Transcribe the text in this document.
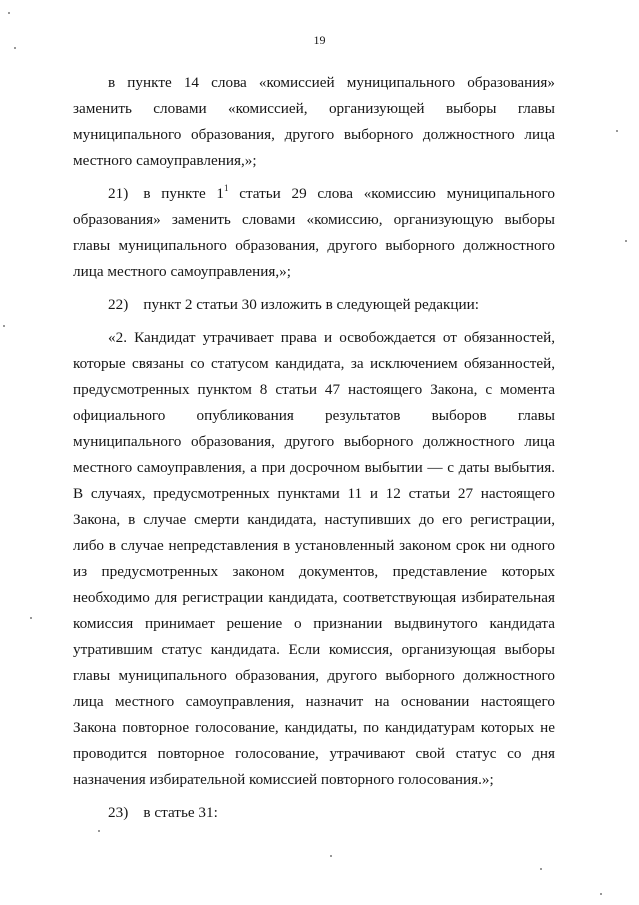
19

в пункте 14 слова «комиссией муниципального образования» заменить словами «комиссией, организующей выборы главы муниципального образования, другого выборного должностного лица местного самоуправления,»;

21) в пункте $1^1$ статьи 29 слова «комиссию муниципального образования» заменить словами «комиссию, организующую выборы главы муниципального образования, другого выборного должностного лица местного самоуправления,»;

22) пункт 2 статьи 30 изложить в следующей редакции:

«2. Кандидат утрачивает права и освобождается от обязанностей, которые связаны со статусом кандидата, за исключением обязанностей, предусмотренных пунктом 8 статьи 47 настоящего Закона, с момента официального опубликования результатов выборов главы муниципального образования, другого выборного должностного лица местного самоуправления, а при досрочном выбытии — с даты выбытия. В случаях, предусмотренных пунктами 11 и 12 статьи 27 настоящего Закона, в случае смерти кандидата, наступивших до его регистрации, либо в случае непредставления в установленный законом срок ни одного из предусмотренных законом документов, представление которых необходимо для регистрации кандидата, соответствующая избирательная комиссия принимает решение о признании выдвинутого кандидата утратившим статус кандидата. Если комиссия, организующая выборы главы муниципального образования, другого выборного должностного лица местного самоуправления, назначит на основании настоящего Закона повторное голосование, кандидаты, по кандидатурам которых не проводится повторное голосование, утрачивают свой статус со дня назначения избирательной комиссией повторного голосования.»;

23) в статье 31:
